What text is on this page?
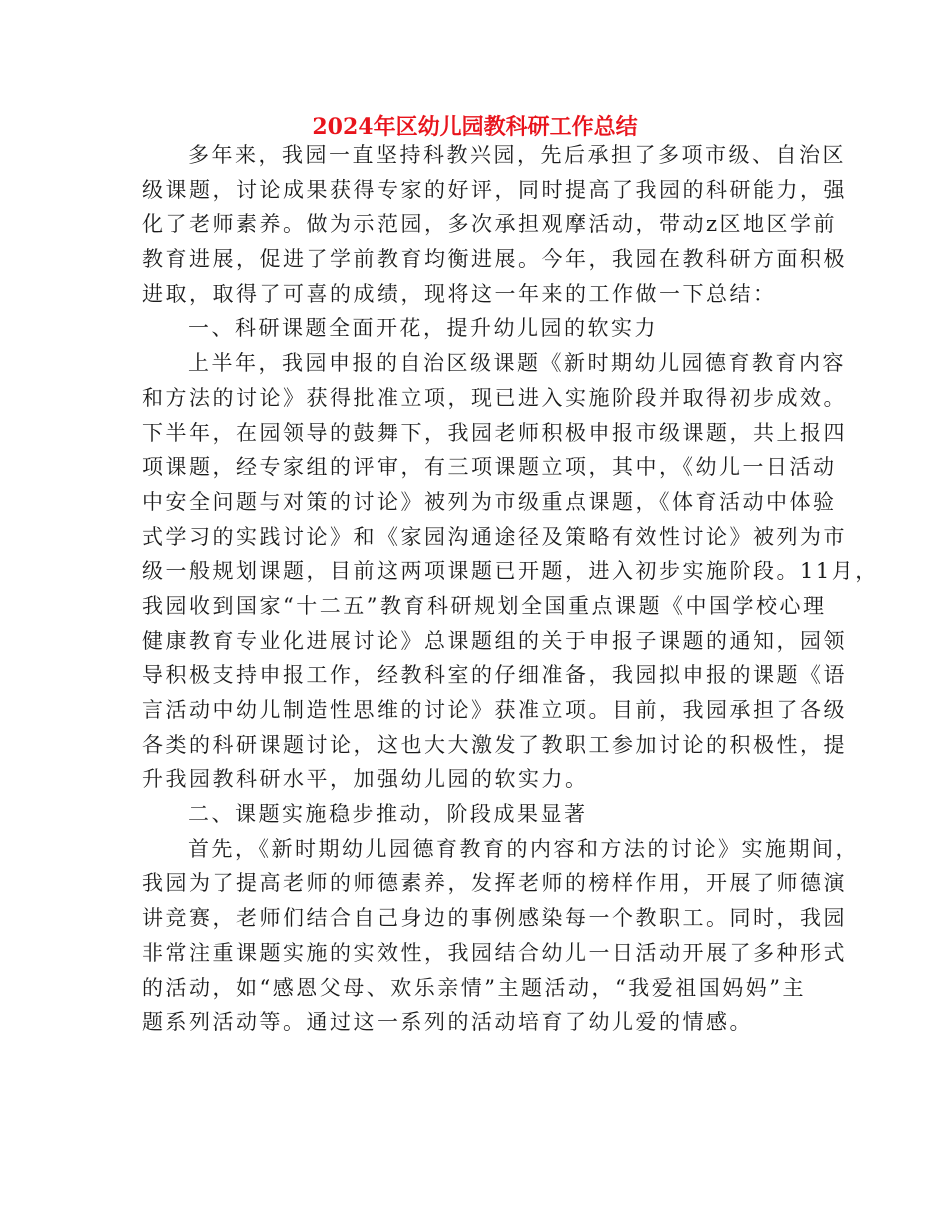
2024年区幼儿园教科研工作总结
多年来，我园一直坚持科教兴园，先后承担了多项市级、自治区
级课题，讨论成果获得专家的好评，同时提高了我园的科研能力，强
化了老师素养。做为示范园，多次承担观摩活动，带动z区地区学前
教育进展，促进了学前教育均衡进展。今年，我园在教科研方面积极
进取，取得了可喜的成绩，现将这一年来的工作做一下总结：
一、科研课题全面开花，提升幼儿园的软实力
上半年，我园申报的自治区级课题《新时期幼儿园德育教育内容
和方法的讨论》获得批准立项，现已进入实施阶段并取得初步成效。
下半年，在园领导的鼓舞下，我园老师积极申报市级课题，共上报四
项课题，经专家组的评审，有三项课题立项，其中，《幼儿一日活动
中安全问题与对策的讨论》被列为市级重点课题，《体育活动中体验
式学习的实践讨论》和《家园沟通途径及策略有效性讨论》被列为市
级一般规划课题，目前这两项课题已开题，进入初步实施阶段。11月，
我园收到国家“十二五”教育科研规划全国重点课题《中国学校心理
健康教育专业化进展讨论》总课题组的关于申报子课题的通知，园领
导积极支持申报工作，经教科室的仔细准备，我园拟申报的课题《语
言活动中幼儿制造性思维的讨论》获准立项。目前，我园承担了各级
各类的科研课题讨论，这也大大激发了教职工参加讨论的积极性，提
升我园教科研水平，加强幼儿园的软实力。
二、课题实施稳步推动，阶段成果显著
首先，《新时期幼儿园德育教育的内容和方法的讨论》实施期间，
我园为了提高老师的师德素养，发挥老师的榜样作用，开展了师德演
讲竞赛，老师们结合自己身边的事例感染每一个教职工。同时，我园
非常注重课题实施的实效性，我园结合幼儿一日活动开展了多种形式
的活动，如“感恩父母、欢乐亲情”主题活动，“我爱祖国妈妈”主
题系列活动等。通过这一系列的活动培育了幼儿爱的情感。
